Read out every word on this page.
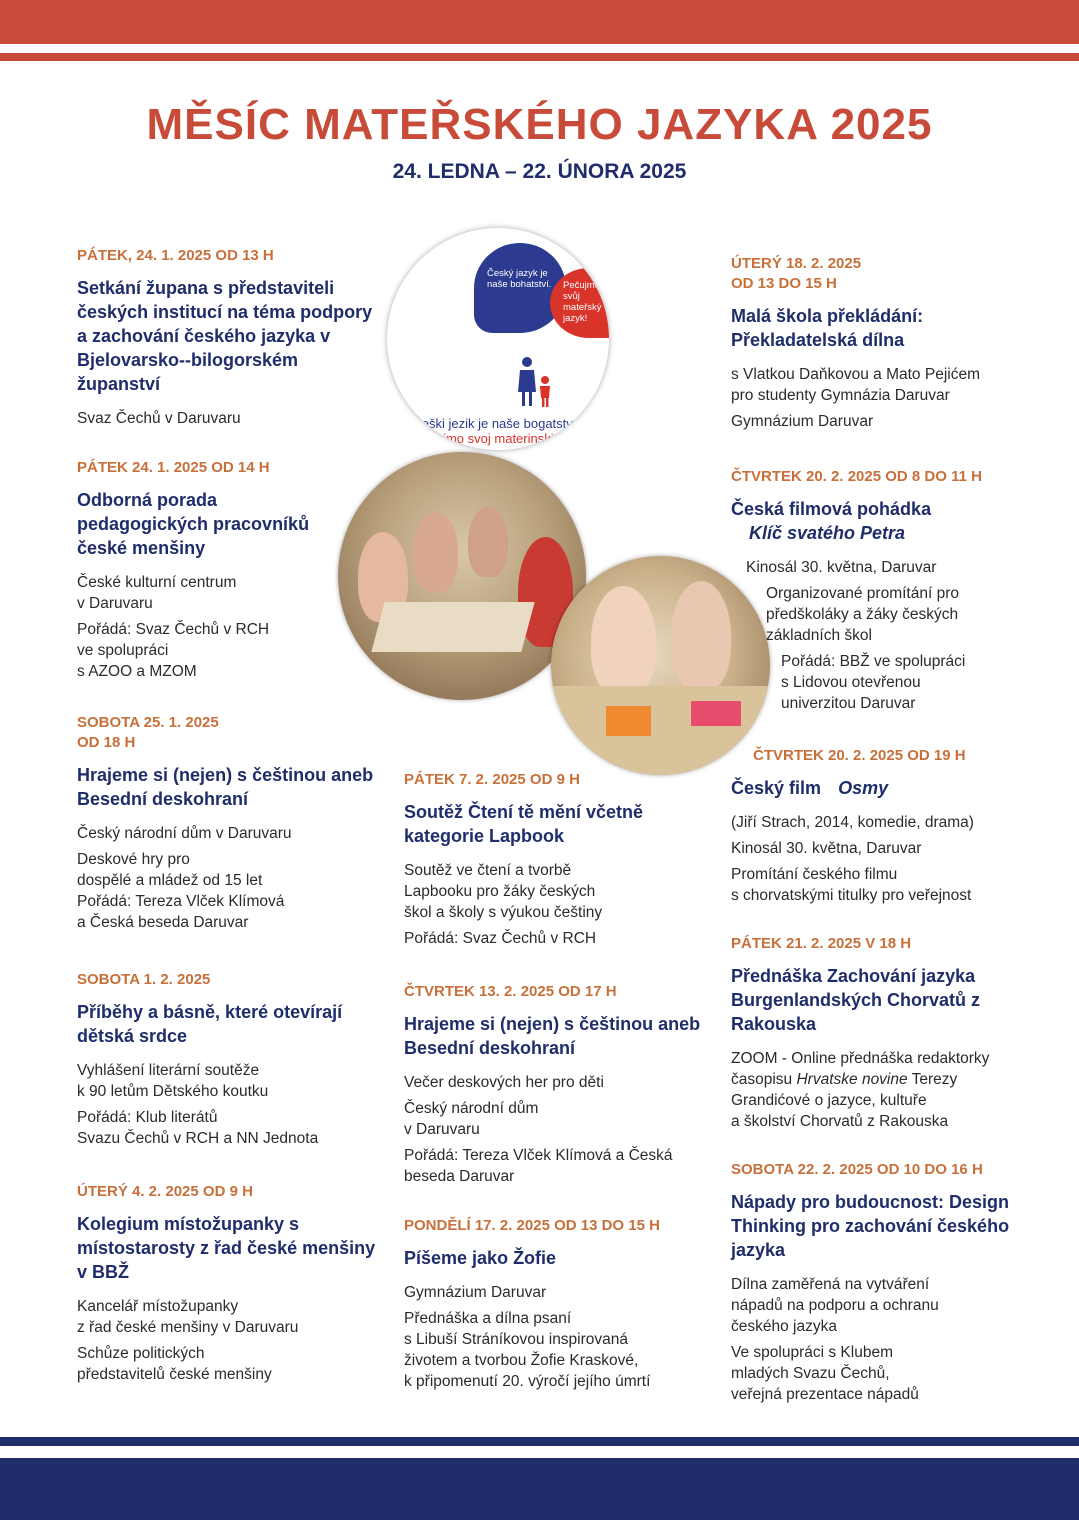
MĚSÍC MATEŘSKÉHO JAZYKA 2025
24. LEDNA – 22. ÚNORA 2025
Český jazyk je naše bohatství.	Pečujme o svůj mateřský jazyk!
Češki jezik je naše bogatstvo.
Njegujmo svoj materinski jezik!
PÁTEK, 24. 1. 2025 OD 13 H
Setkání župana s představiteli českých institucí na téma podpory a zachování českého jazyka v Bjelovarsko--bilogorském županství
Svaz Čechů v Daruvaru
PÁTEK 24. 1. 2025 OD 14 H
Odborná porada pedagogických pracovníků české menšiny
České kulturní centrum
v Daruvaru
Pořádá: Svaz Čechů v RCH
ve spolupráci
s AZOO a MZOM
SOBOTA 25. 1. 2025
OD 18 H
Hrajeme si (nejen) s češtinou aneb Besední deskohraní
Český národní dům v Daruvaru
Deskové hry pro
dospělé a mládež od 15 let
Pořádá: Tereza Vlček Klímová
a Česká beseda Daruvar
SOBOTA 1. 2. 2025
Příběhy a básně, které otevírají dětská srdce
Vyhlášení literární soutěže
k 90 letům Dětského koutku
Pořádá: Klub literátů
Svazu Čechů v RCH a NN Jednota
ÚTERÝ 4. 2. 2025 OD 9 H
Kolegium místožupanky s místostarosty z řad české menšiny v BBŽ
Kancelář místožupanky
z řad české menšiny v Daruvaru
Schůze politických
představitelů české menšiny
PÁTEK 7. 2. 2025 OD 9 H
Soutěž Čtení tě mění včetně kategorie Lapbook
Soutěž ve čtení a tvorbě
Lapbooku pro žáky českých
škol a školy s výukou češtiny
Pořádá: Svaz Čechů v RCH
ČTVRTEK 13. 2. 2025 OD 17 H
Hrajeme si (nejen) s češtinou aneb Besední deskohraní
Večer deskových her pro děti
Český národní dům
v Daruvaru
Pořádá: Tereza Vlček Klímová a Česká
beseda Daruvar
PONDĚLÍ 17. 2. 2025 OD 13 DO 15 H
Píšeme jako Žofie
Gymnázium Daruvar
Přednáška a dílna psaní
s Libuší Stráníkovou inspirovaná
životem a tvorbou Žofie Kraskové,
k připomenutí 20. výročí jejího úmrtí
ÚTERÝ 18. 2. 2025
OD 13 DO 15 H
Malá škola překládání: Překladatelská dílna
s Vlatkou Daňkovou a Mato Pejićem
pro studenty Gymnázia Daruvar
Gymnázium Daruvar
ČTVRTEK 20. 2. 2025 OD 8 DO 11 H
Česká filmová pohádka
Klíč svatého Petra
Kinosál 30. května, Daruvar
Organizované promítání pro
předškoláky a žáky českých
základních škol
Pořádá: BBŽ ve spolupráci
s Lidovou otevřenou
univerzitou Daruvar
ČTVRTEK 20. 2. 2025 OD 19 H
Český film Osmy
(Jiří Strach, 2014, komedie, drama)
Kinosál 30. května, Daruvar
Promítání českého filmu
s chorvatskými titulky pro veřejnost
PÁTEK 21. 2. 2025 V 18 H
Přednáška Zachování jazyka Burgenlandských Chorvatů z Rakouska
ZOOM - Online přednáška redaktorky
časopisu Hrvatske novine Terezy
Grandićové o jazyce, kultuře
a školství Chorvatů z Rakouska
SOBOTA 22. 2. 2025 OD 10 DO 16 H
Nápady pro budoucnost: Design Thinking pro zachování českého jazyka
Dílna zaměřená na vytváření
nápadů na podporu a ochranu
českého jazyka
Ve spolupráci s Klubem
mladých Svazu Čechů,
veřejná prezentace nápadů
